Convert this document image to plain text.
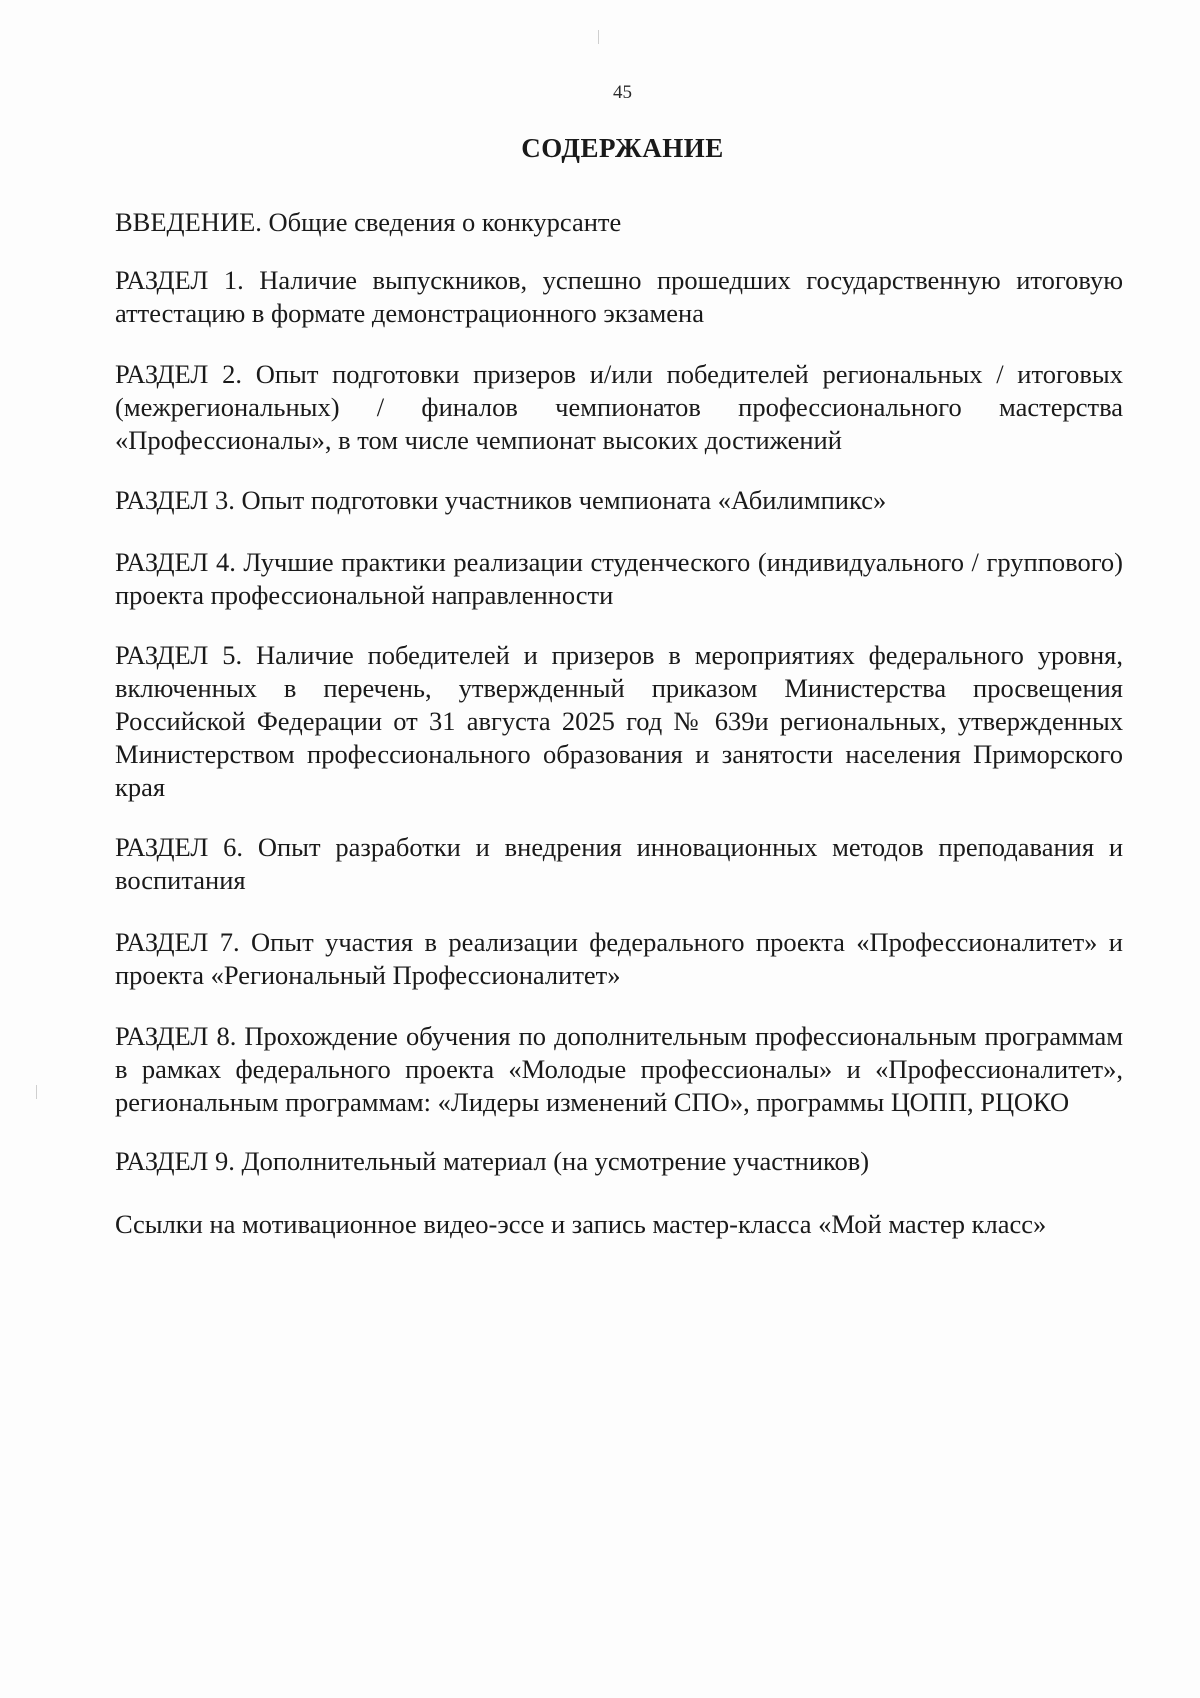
45
СОДЕРЖАНИЕ
ВВЕДЕНИЕ. Общие сведения о конкурсанте
РАЗДЕЛ 1. Наличие выпускников, успешно прошедших государственную итоговую аттестацию в формате демонстрационного экзамена
РАЗДЕЛ 2. Опыт подготовки призеров и/или победителей региональных / итоговых (межрегиональных) / финалов чемпионатов профессионального мастерства «Профессионалы», в том числе чемпионат высоких достижений
РАЗДЕЛ 3. Опыт подготовки участников чемпионата «Абилимпикс»
РАЗДЕЛ 4. Лучшие практики реализации студенческого (индивидуального / группового) проекта профессиональной направленности
РАЗДЕЛ 5. Наличие победителей и призеров в мероприятиях федерального уровня, включенных в перечень, утвержденный приказом Министерства просвещения Российской Федерации от 31 августа 2025 год № 639и региональных, утвержденных Министерством профессионального образования и занятости населения Приморского края
РАЗДЕЛ 6. Опыт разработки и внедрения инновационных методов преподавания и воспитания
РАЗДЕЛ 7. Опыт участия в реализации федерального проекта «Профессионалитет» и проекта «Региональный Профессионалитет»
РАЗДЕЛ 8. Прохождение обучения по дополнительным профессиональным программам в рамках федерального проекта «Молодые профессионалы» и «Профессионалитет», региональным программам: «Лидеры изменений СПО», программы ЦОПП, РЦОКО
РАЗДЕЛ 9. Дополнительный материал (на усмотрение участников)
Ссылки на мотивационное видео-эссе и запись мастер-класса «Мой мастер класс»
